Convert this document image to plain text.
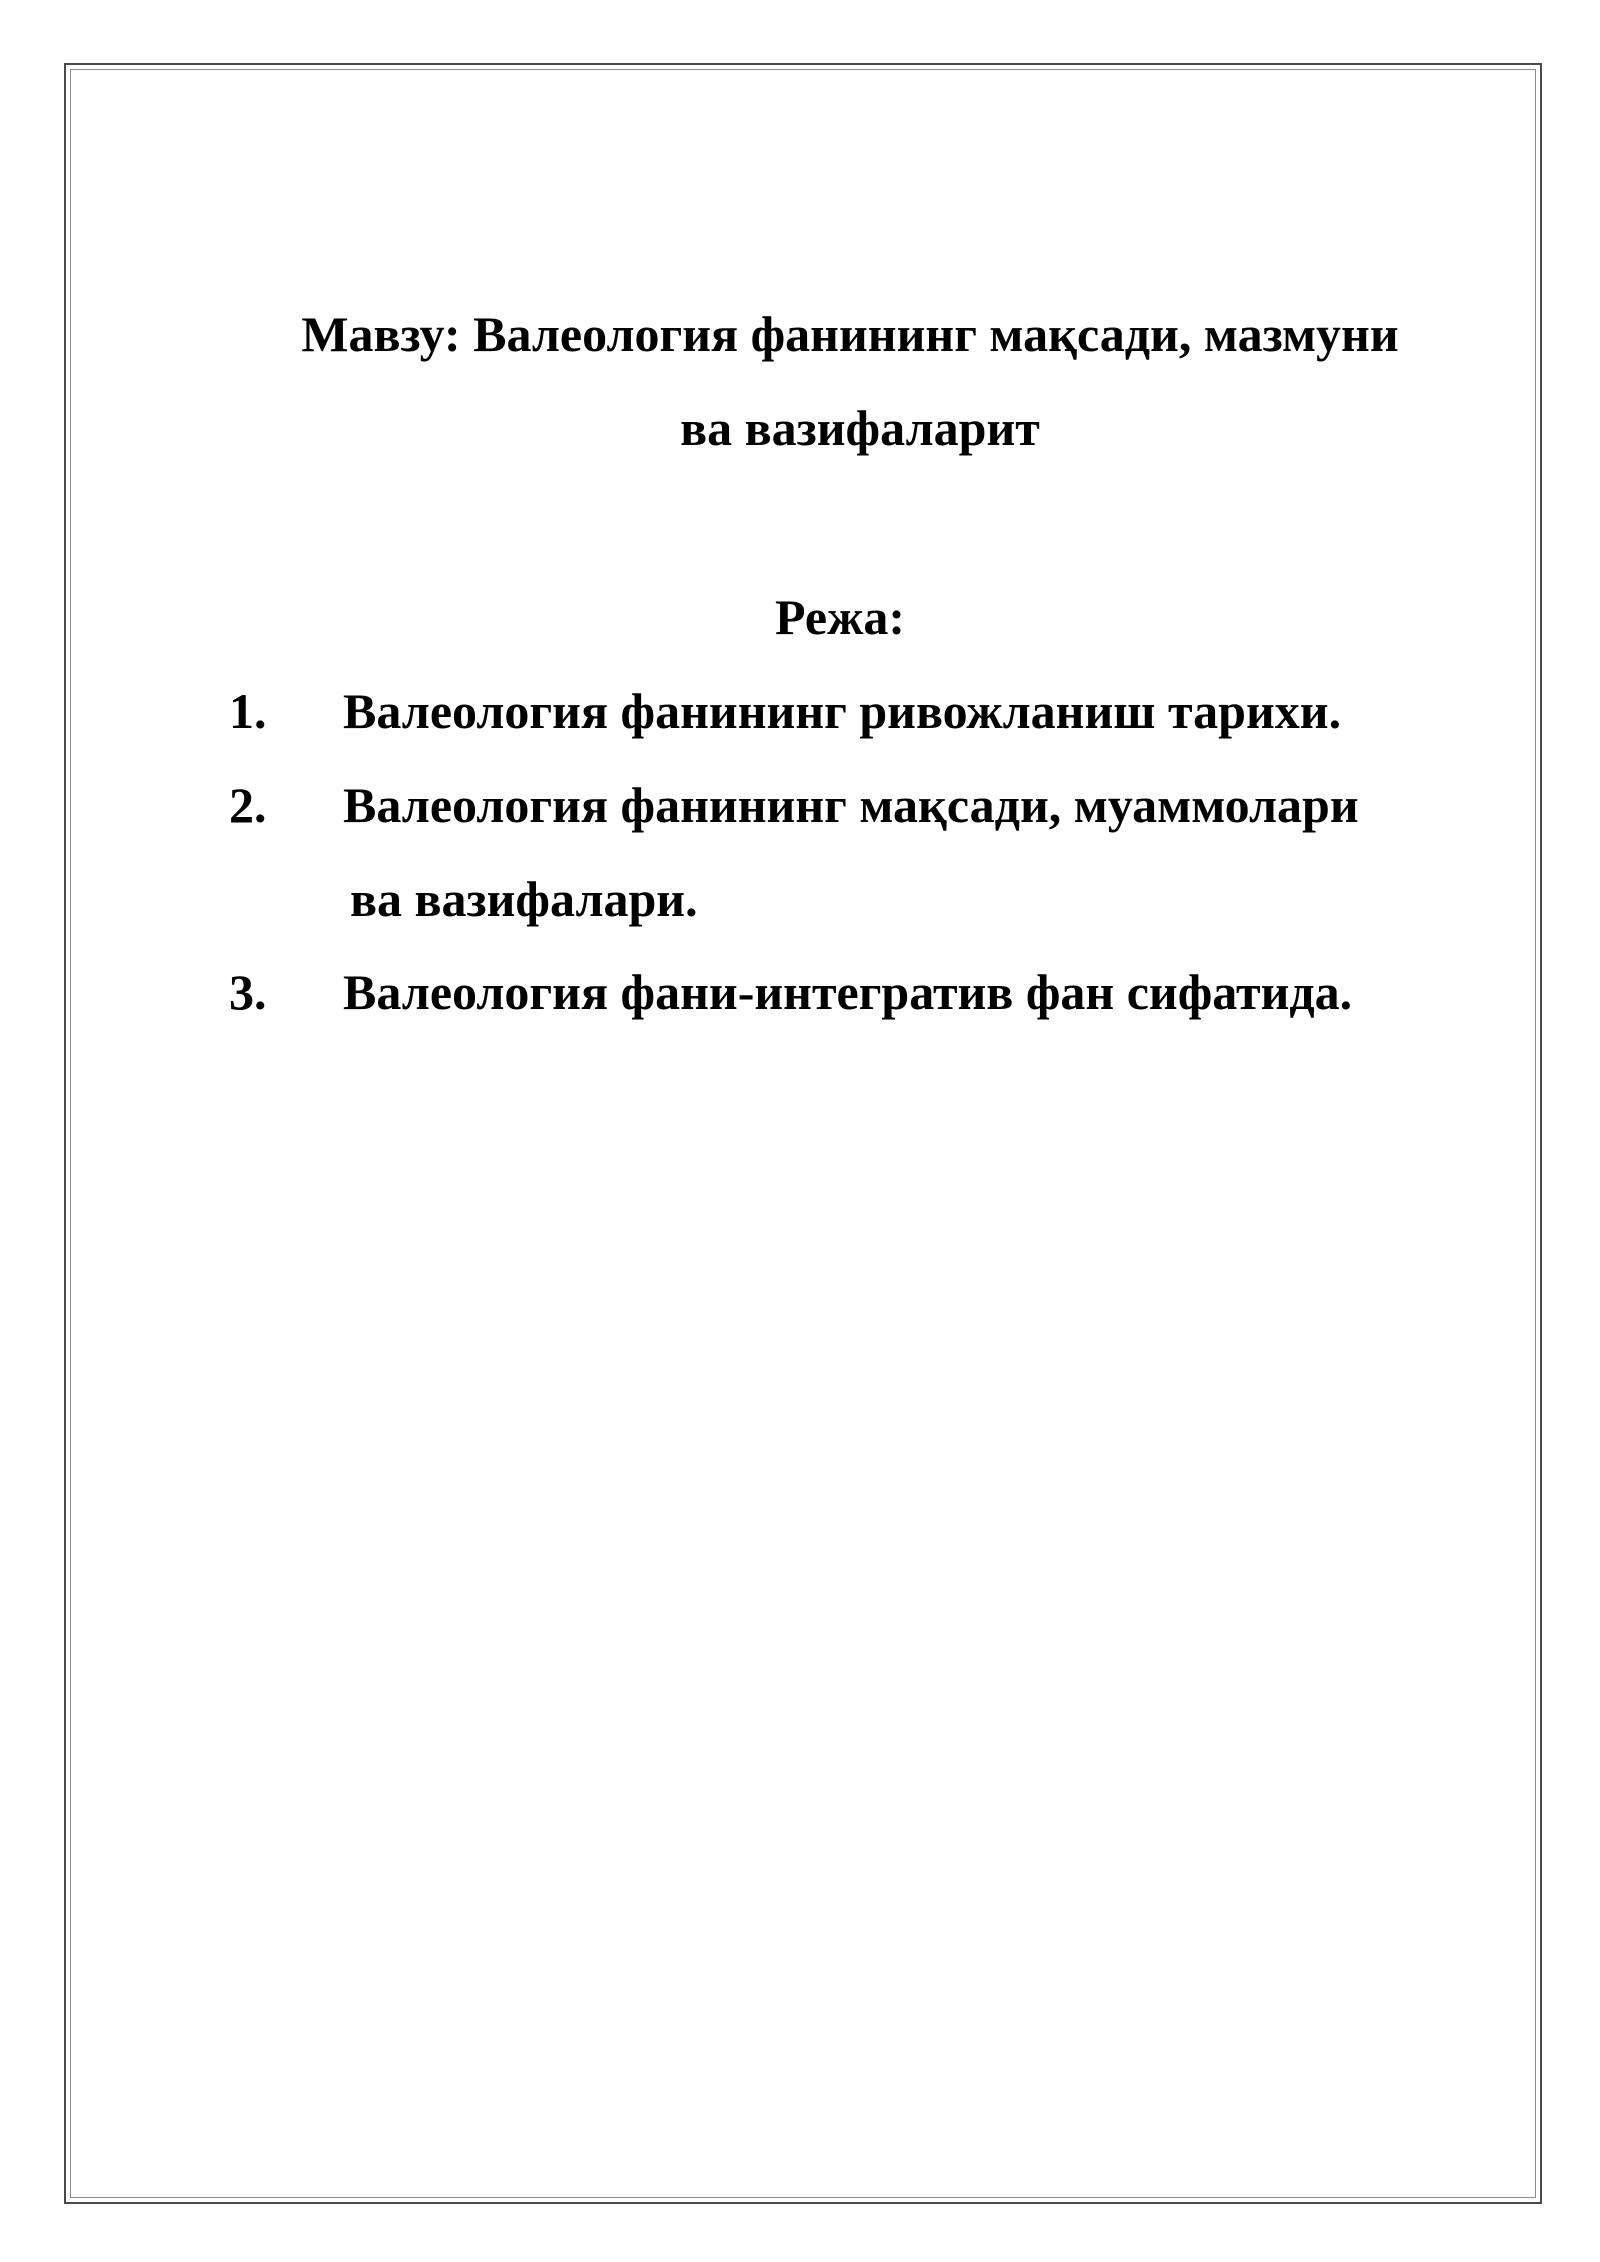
Мавзу: Валеология фанининг мақсади, мазмуни
ва вазифаларит
Режа:
1. Валеология фанининг ривожланиш тарихи.
2. Валеология фанининг мақсади, муаммолари
ва вазифалари.
3. Валеология фани-интегратив фан сифатида.
